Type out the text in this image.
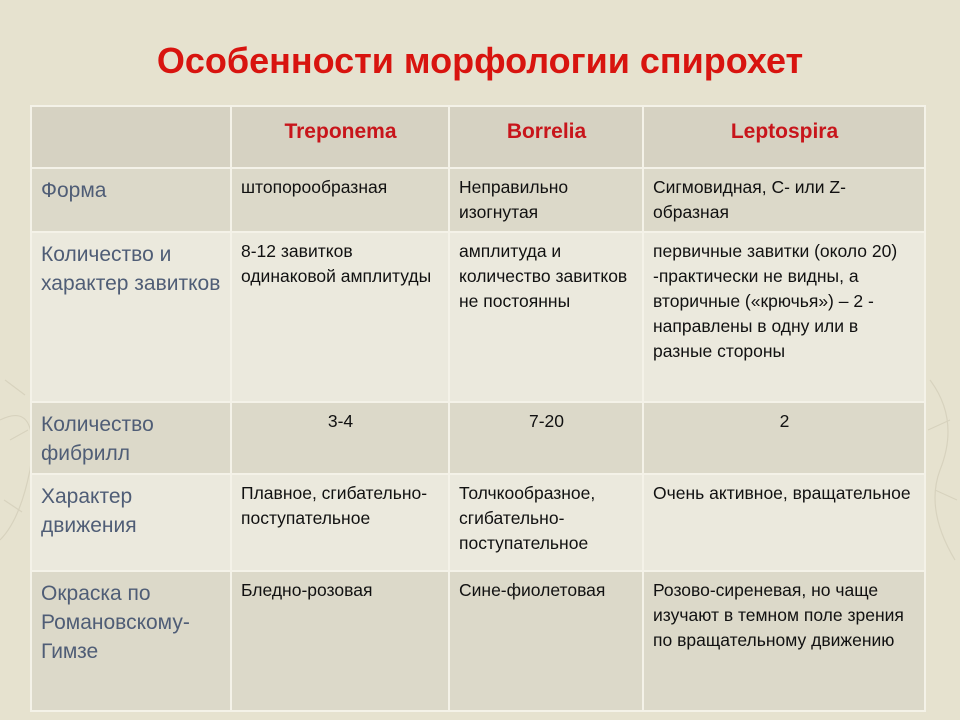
Особенности морфологии спирохет
	Treponema	Borrelia	Leptospira
Форма	штопорообразная	Неправильно изогнутая	Сигмовидная, С- или Z- образная
Количество и характер завитков	8-12 завитков одинаковой амплитуды	амплитуда и количество завитков не постоянны	первичные завитки (около 20) -практически не видны, а вторичные («крючья») – 2 - направлены в одну или в разные стороны
Количество фибрилл	3-4	7-20	2
Характер движения	Плавное, сгибательно-поступательное	Толчкообразное, сгибательно-поступательное	Очень активное, вращательное
Окраска по Романовскому-Гимзе	Бледно-розовая	Сине-фиолетовая	Розово-сиреневая, но чаще изучают в темном поле зрения по вращательному движению
